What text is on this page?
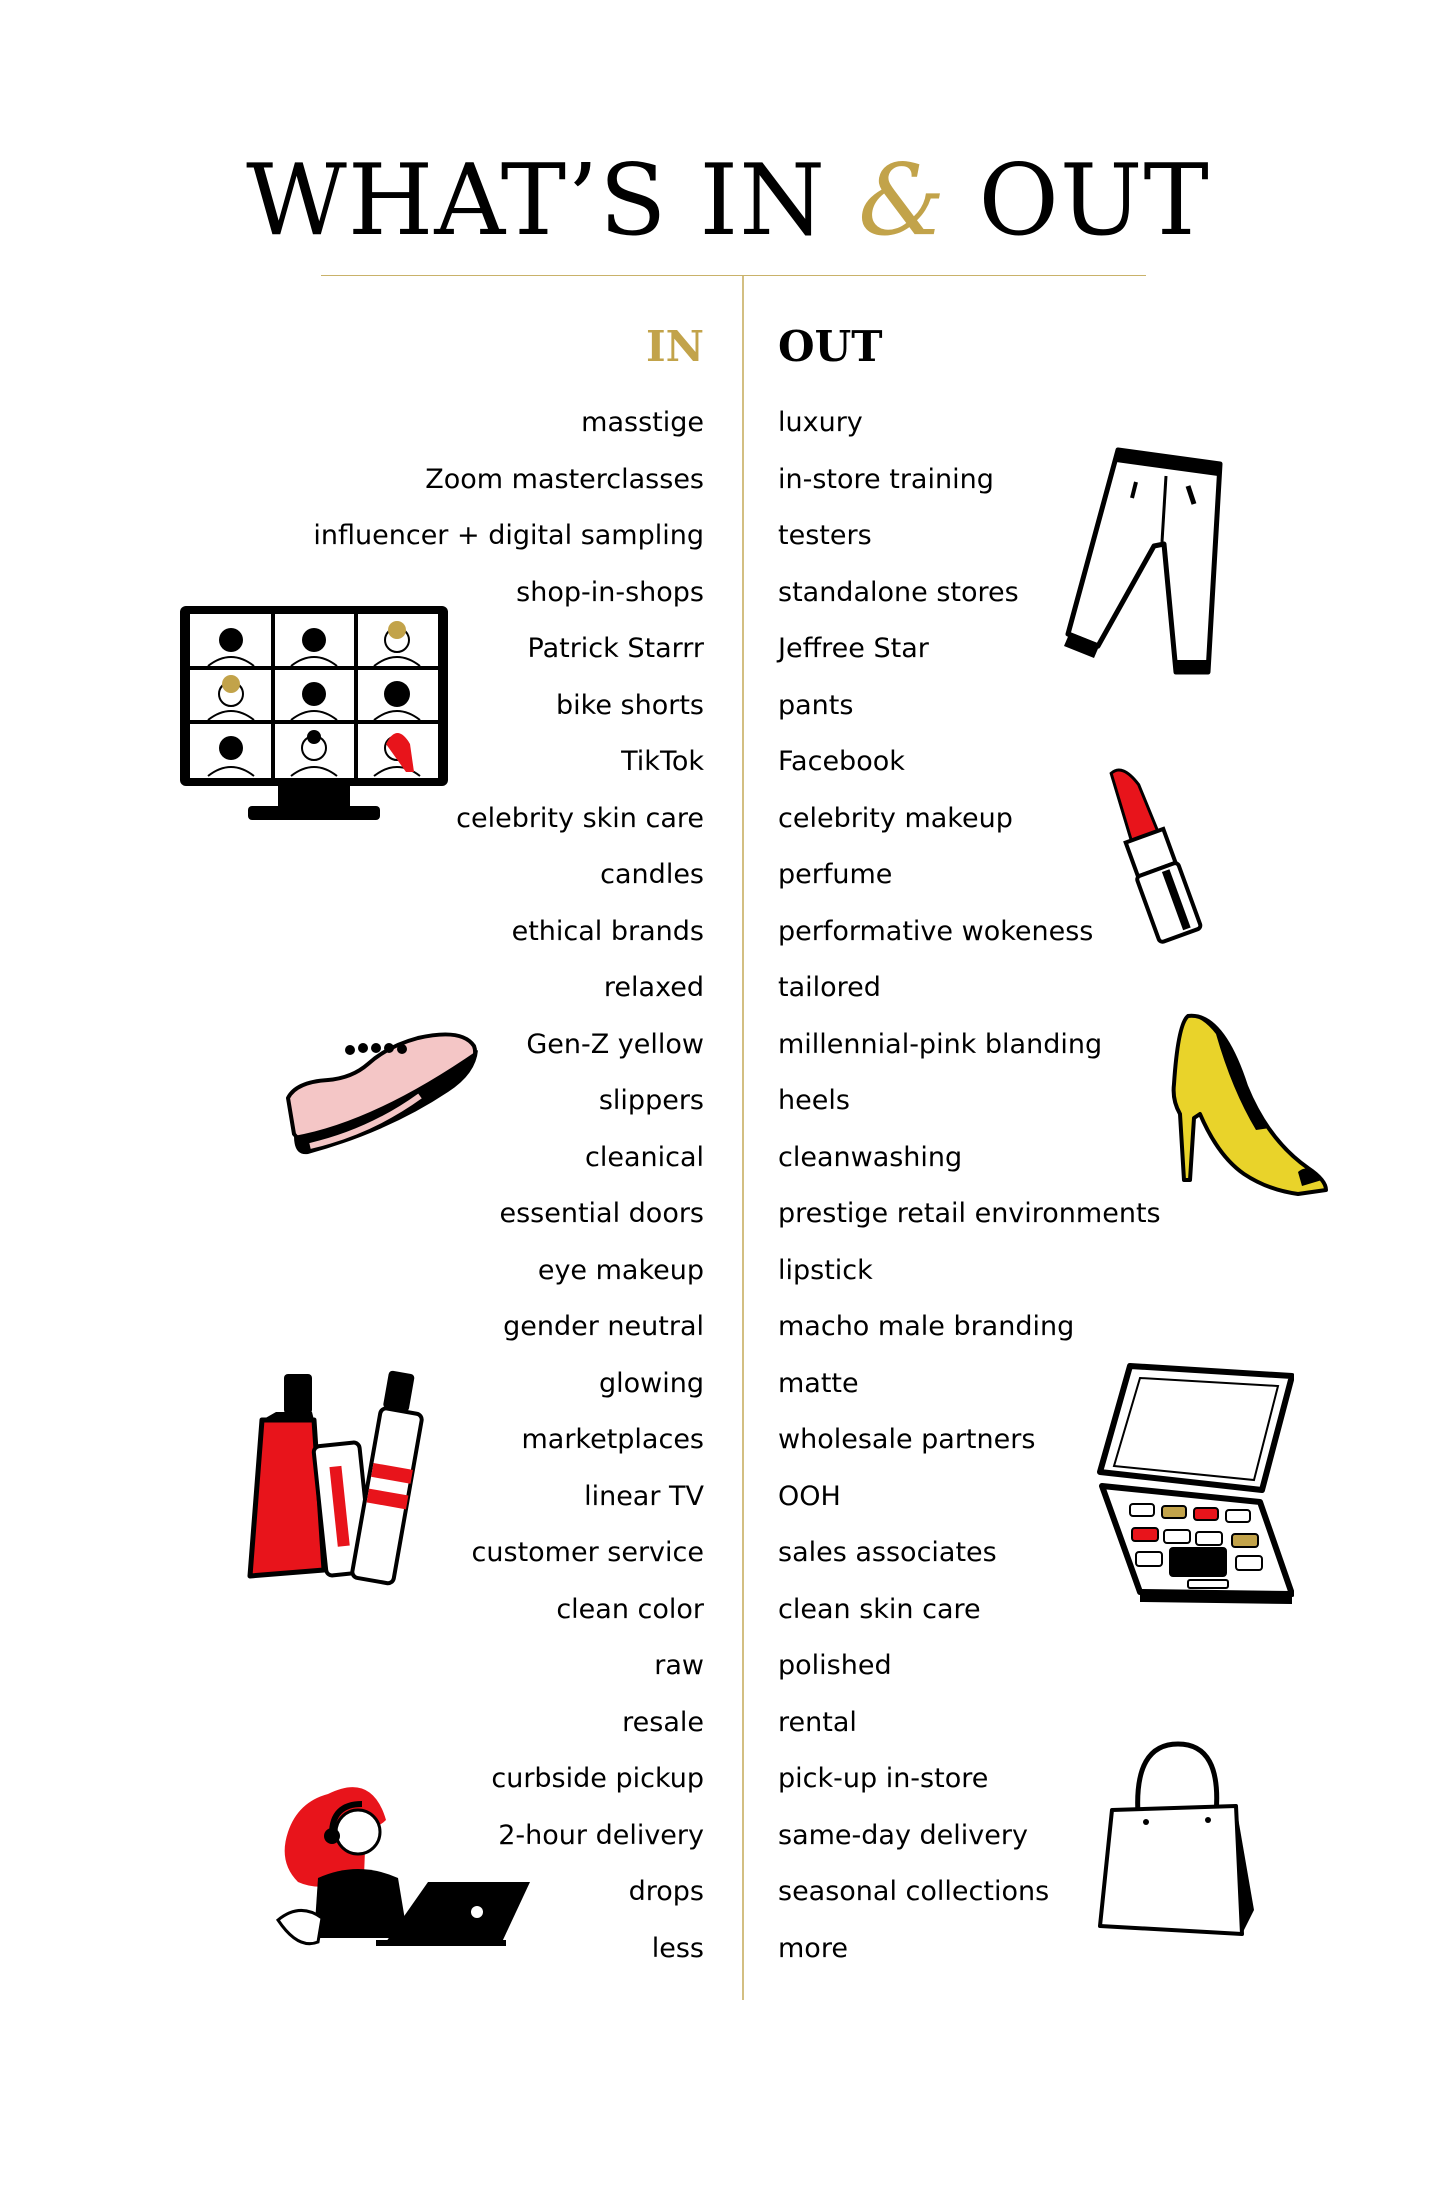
WHAT’S IN & OUT
IN OUT
masstige
Zoom masterclasses
influencer + digital sampling
shop-in-shops
Patrick Starrr
bike shorts
TikTok
celebrity skin care
candles
ethical brands
relaxed
Gen-Z yellow
slippers
cleanical
essential doors
eye makeup
gender neutral
glowing
marketplaces
linear TV
customer service
clean color
raw
resale
curbside pickup
2-hour delivery
drops
less
luxury
in-store training
testers
standalone stores
Jeffree Star
pants
Facebook
celebrity makeup
perfume
performative wokeness
tailored
millennial-pink blanding
heels
cleanwashing
prestige retail environments
lipstick
macho male branding
matte
wholesale partners
OOH
sales associates
clean skin care
polished
rental
pick-up in-store
same-day delivery
seasonal collections
more
